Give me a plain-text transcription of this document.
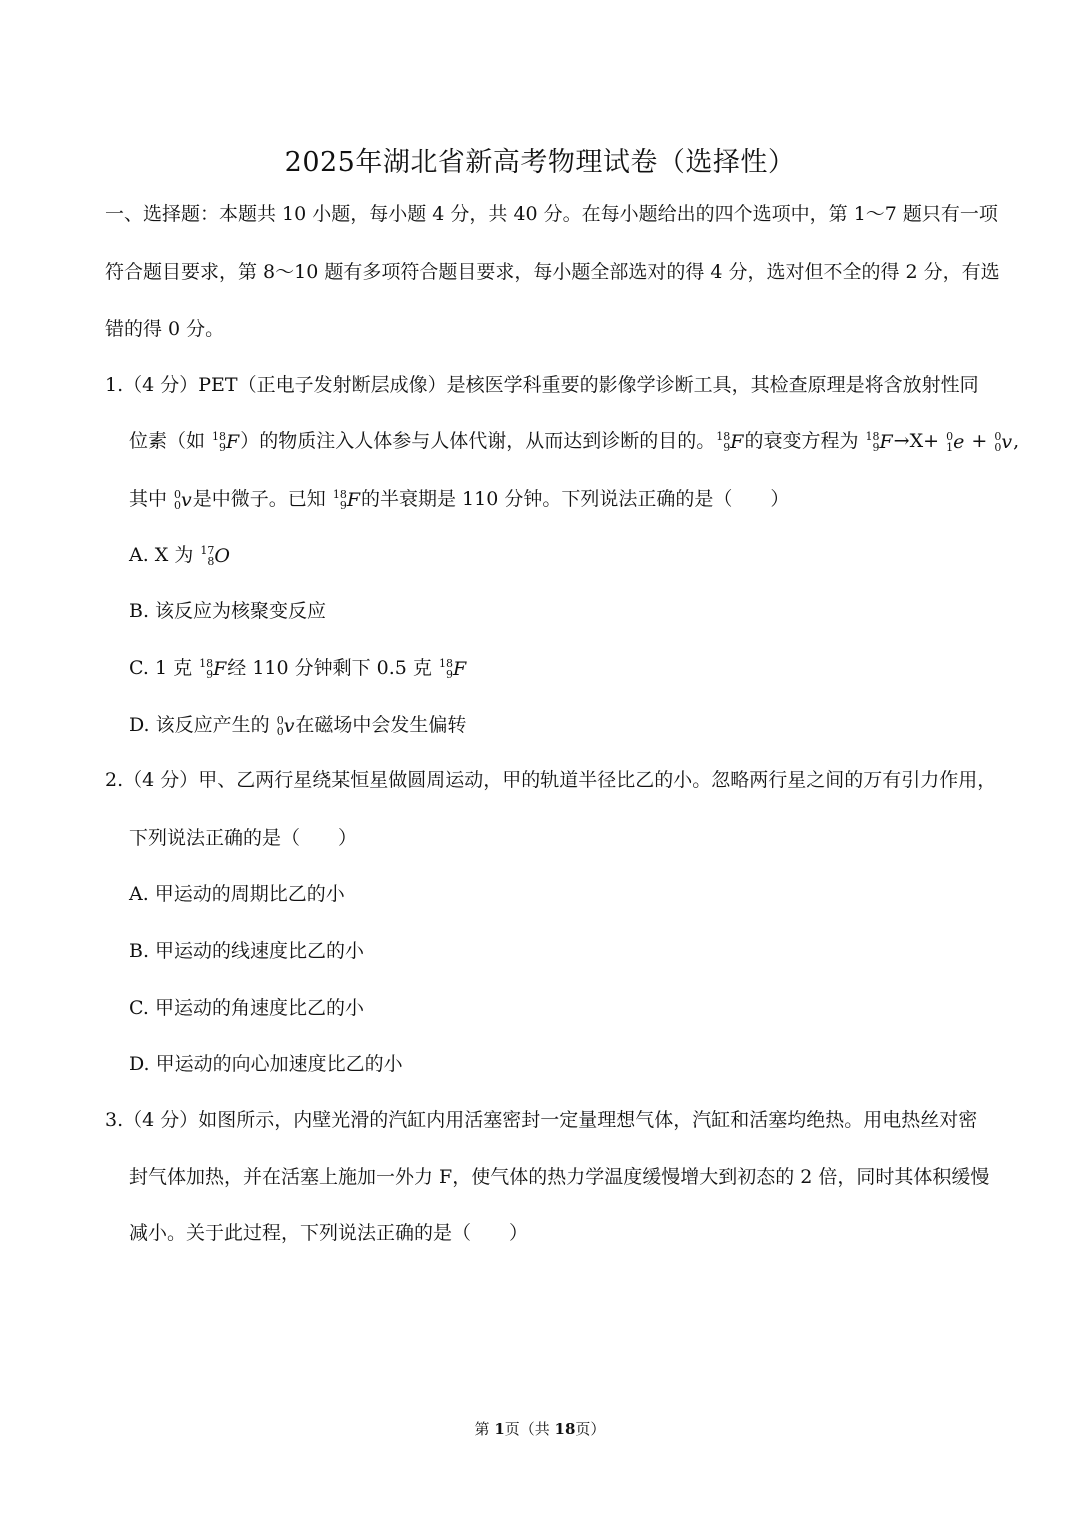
2025年湖北省新高考物理试卷（选择性）
一、选择题：本题共 10 小题，每小题 4 分，共 40 分。在每小题给出的四个选项中，第 1～7 题只有一项
符合题目要求，第 8～10 题有多项符合题目要求，每小题全部选对的得 4 分，选对但不全的得 2 分，有选
错的得 0 分。
1.（4 分）PET（正电子发射断层成像）是核医学科重要的影像学诊断工具，其检查原理是将含放射性同
位素（如 18
9 F ）的物质注入人体参与人体代谢，从而达到诊断的目的。 18
9 F 的衰变方程为 18
9 F →X+ 0
1 e + 0
0 v ,
其中 0
0 v 是中微子。已知 18
9 F 的半衰期是 110 分钟。下列说法正确的是（　　）
A. X 为 17
8 O
B. 该反应为核聚变反应
C. 1 克 18
9 F 经 110 分钟剩下 0.5 克 18
9 F
D. 该反应产生的 0
0 v 在磁场中会发生偏转
2.（4 分）甲、乙两行星绕某恒星做圆周运动，甲的轨道半径比乙的小。忽略两行星之间的万有引力作用，
下列说法正确的是（　　）
A. 甲运动的周期比乙的小
B. 甲运动的线速度比乙的小
C. 甲运动的角速度比乙的小
D. 甲运动的向心加速度比乙的小
3.（4 分）如图所示，内壁光滑的汽缸内用活塞密封一定量理想气体，汽缸和活塞均绝热。用电热丝对密
封气体加热，并在活塞上施加一外力 F，使气体的热力学温度缓慢增大到初态的 2 倍，同时其体积缓慢
减小。关于此过程，下列说法正确的是（　　）
第 1页（共 18页）
